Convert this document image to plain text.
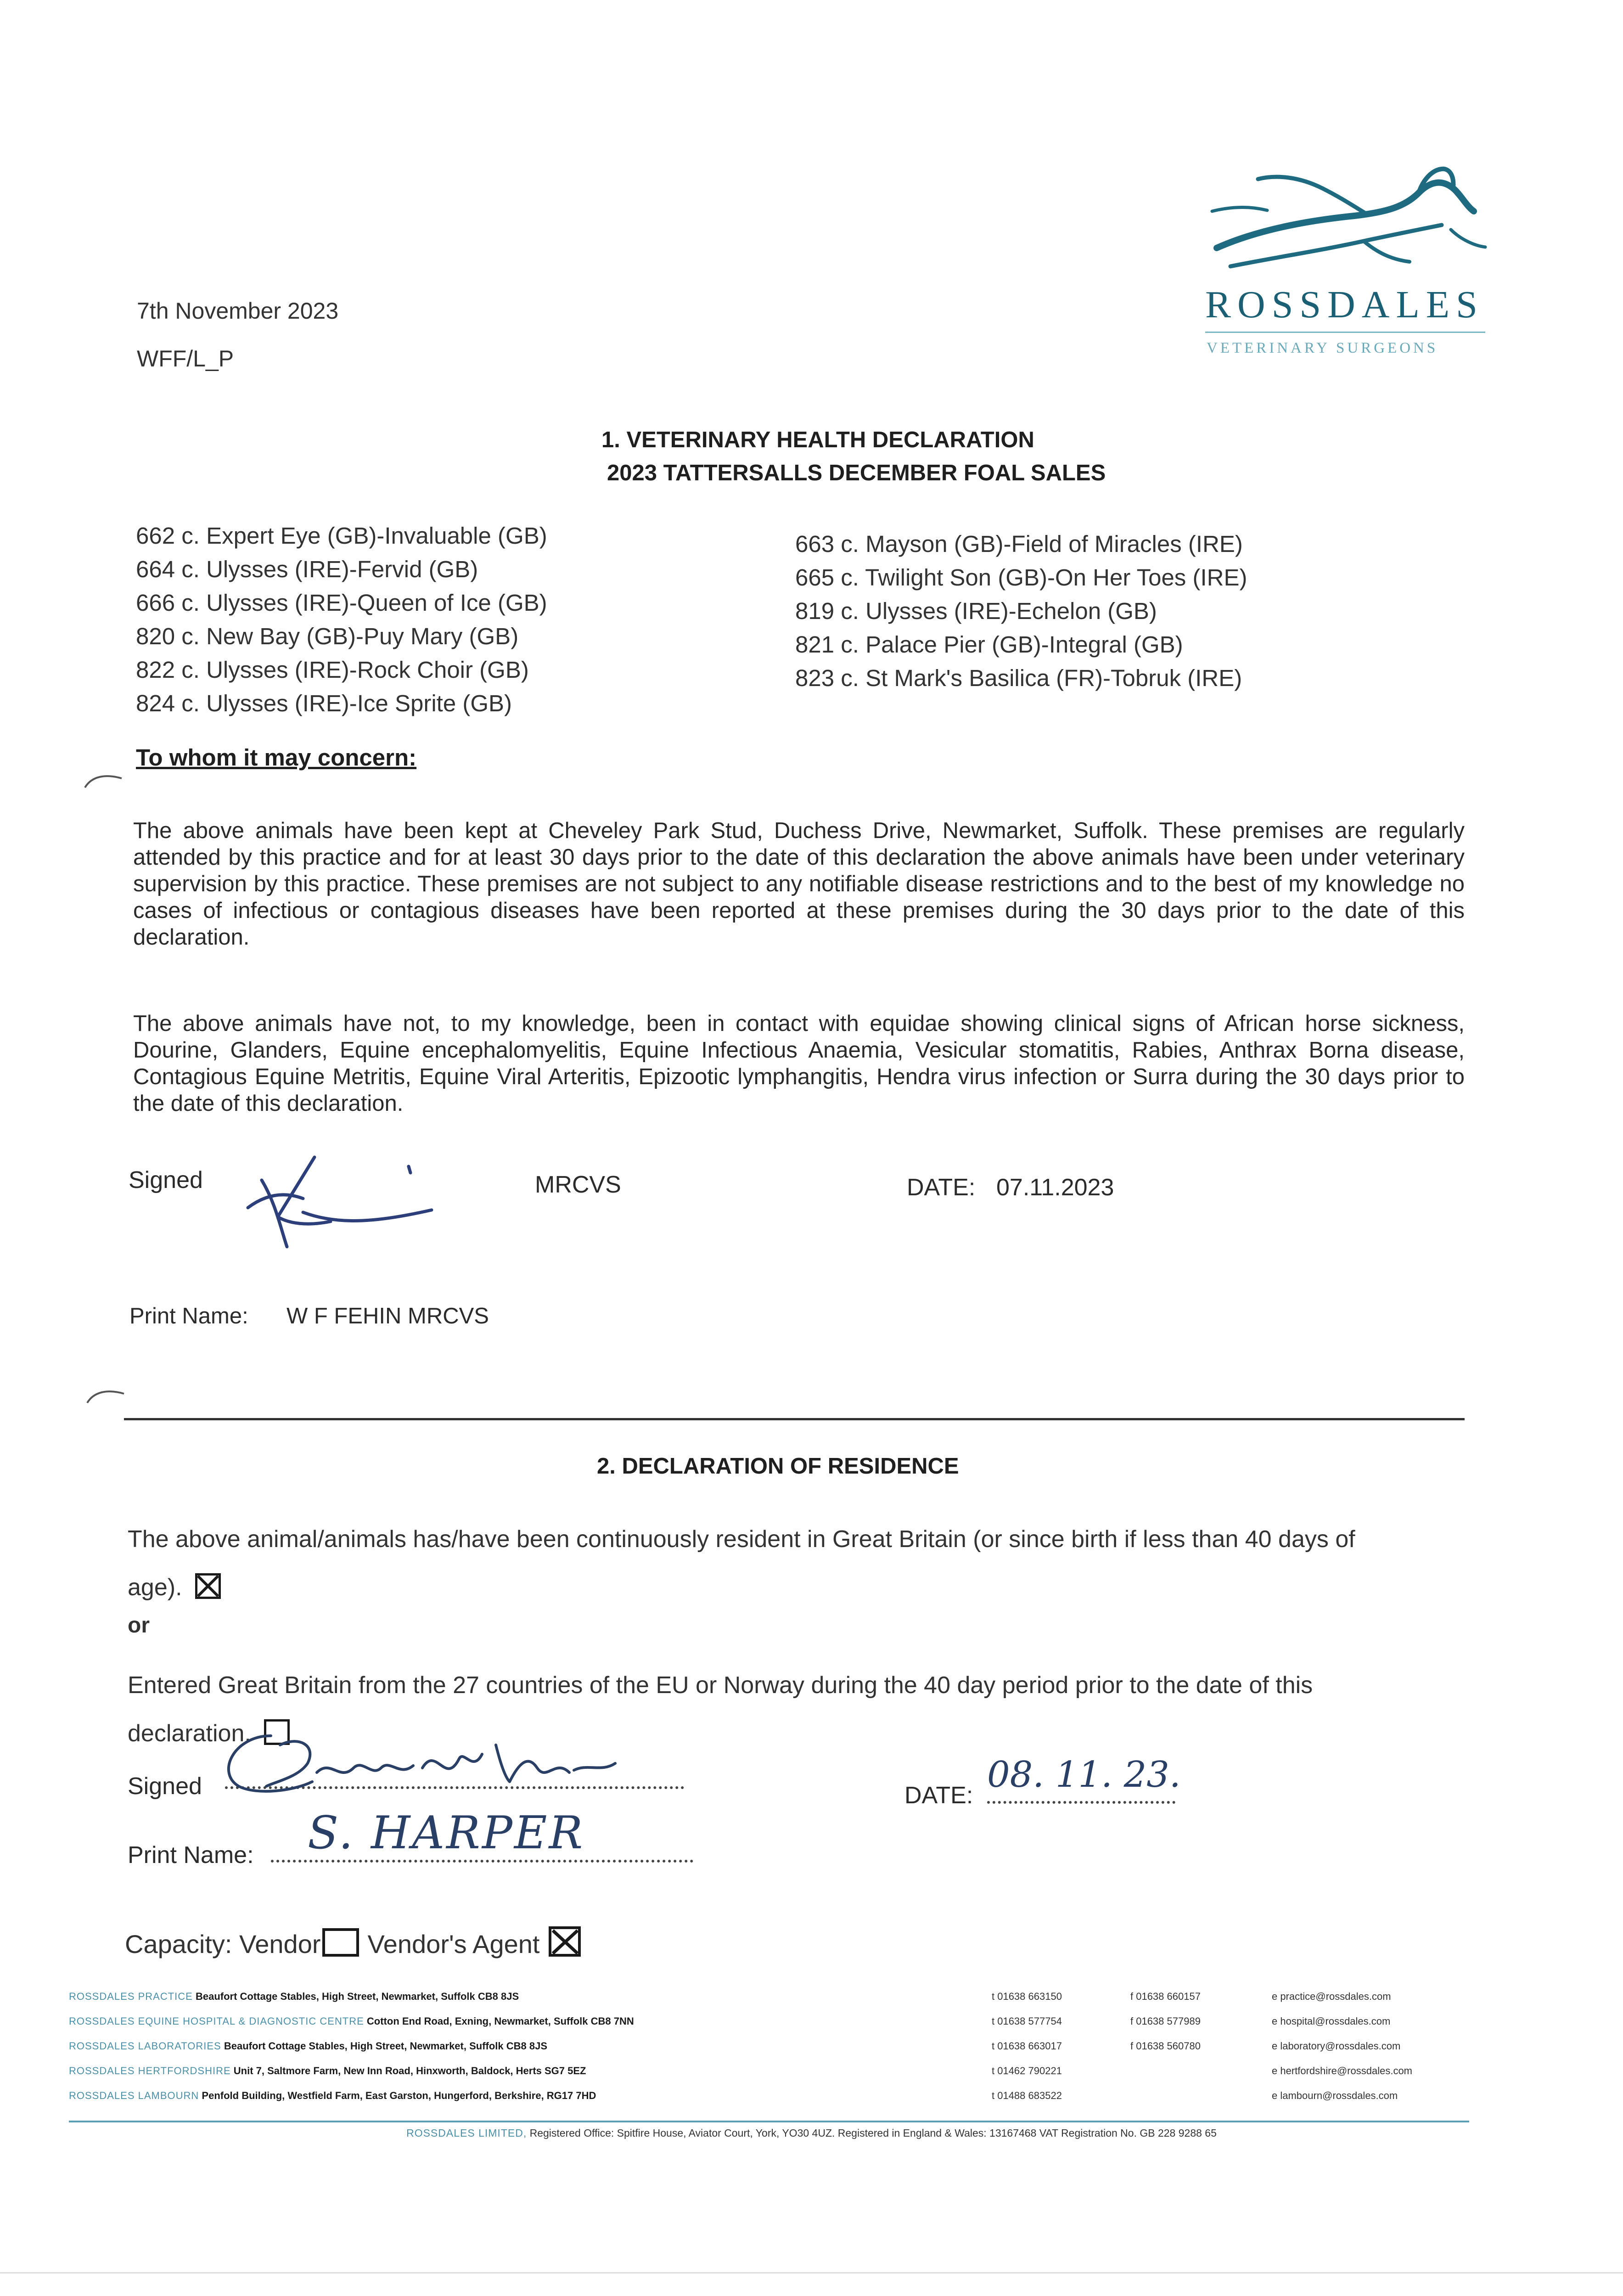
7th November 2023
WFF/L_P
ROSSDALES
VETERINARY SURGEONS
1. VETERINARY HEALTH DECLARATION
2023 TATTERSALLS DECEMBER FOAL SALES
662 c. Expert Eye (GB)-Invaluable (GB)
664 c. Ulysses (IRE)-Fervid (GB)
666 c. Ulysses (IRE)-Queen of Ice (GB)
820 c. New Bay (GB)-Puy Mary (GB)
822 c. Ulysses (IRE)-Rock Choir (GB)
824 c. Ulysses (IRE)-Ice Sprite (GB)
663 c. Mayson (GB)-Field of Miracles (IRE)
665 c. Twilight Son (GB)-On Her Toes (IRE)
819 c. Ulysses (IRE)-Echelon (GB)
821 c. Palace Pier (GB)-Integral (GB)
823 c. St Mark's Basilica (FR)-Tobruk (IRE)
To whom it may concern:
The above animals have been kept at Cheveley Park Stud, Duchess Drive, Newmarket, Suffolk. These premises are regularly attended by this practice and for at least 30 days prior to the date of this declaration the above animals have been under veterinary supervision by this practice. These premises are not subject to any notifiable disease restrictions and to the best of my knowledge no cases of infectious or contagious diseases have been reported at these premises during the 30 days prior to the date of this declaration.
The above animals have not, to my knowledge, been in contact with equidae showing clinical signs of African horse sickness, Dourine, Glanders, Equine encephalomyelitis, Equine Infectious Anaemia, Vesicular stomatitis, Rabies, Anthrax Borna disease, Contagious Equine Metritis, Equine Viral Arteritis, Epizootic lymphangitis, Hendra virus infection or Surra during the 30 days prior to the date of this declaration.
Signed	MRCVS	DATE: 07.11.2023
Print Name: W F FEHIN MRCVS
2. DECLARATION OF RESIDENCE
The above animal/animals has/have been continuously resident in Great Britain (or since birth if less than 40 days of age).
or
Entered Great Britain from the 27 countries of the EU or Norway during the 40 day period prior to the date of this declaration.
Signed	DATE: 08. 11. 23.
Print Name: S. HARPER
Capacity: Vendor Vendor's Agent
ROSSDALES PRACTICE Beaufort Cottage Stables, High Street, Newmarket, Suffolk CB8 8JS	t 01638 663150	f 01638 660157	e practice@rossdales.com
ROSSDALES EQUINE HOSPITAL & DIAGNOSTIC CENTRE Cotton End Road, Exning, Newmarket, Suffolk CB8 7NN	t 01638 577754	f 01638 577989	e hospital@rossdales.com
ROSSDALES LABORATORIES Beaufort Cottage Stables, High Street, Newmarket, Suffolk CB8 8JS	t 01638 663017	f 01638 560780	e laboratory@rossdales.com
ROSSDALES HERTFORDSHIRE Unit 7, Saltmore Farm, New Inn Road, Hinxworth, Baldock, Herts SG7 5EZ	t 01462 790221	e hertfordshire@rossdales.com
ROSSDALES LAMBOURN Penfold Building, Westfield Farm, East Garston, Hungerford, Berkshire, RG17 7HD	t 01488 683522	e lambourn@rossdales.com
ROSSDALES LIMITED, Registered Office: Spitfire House, Aviator Court, York, YO30 4UZ. Registered in England & Wales: 13167468 VAT Registration No. GB 228 9288 65
